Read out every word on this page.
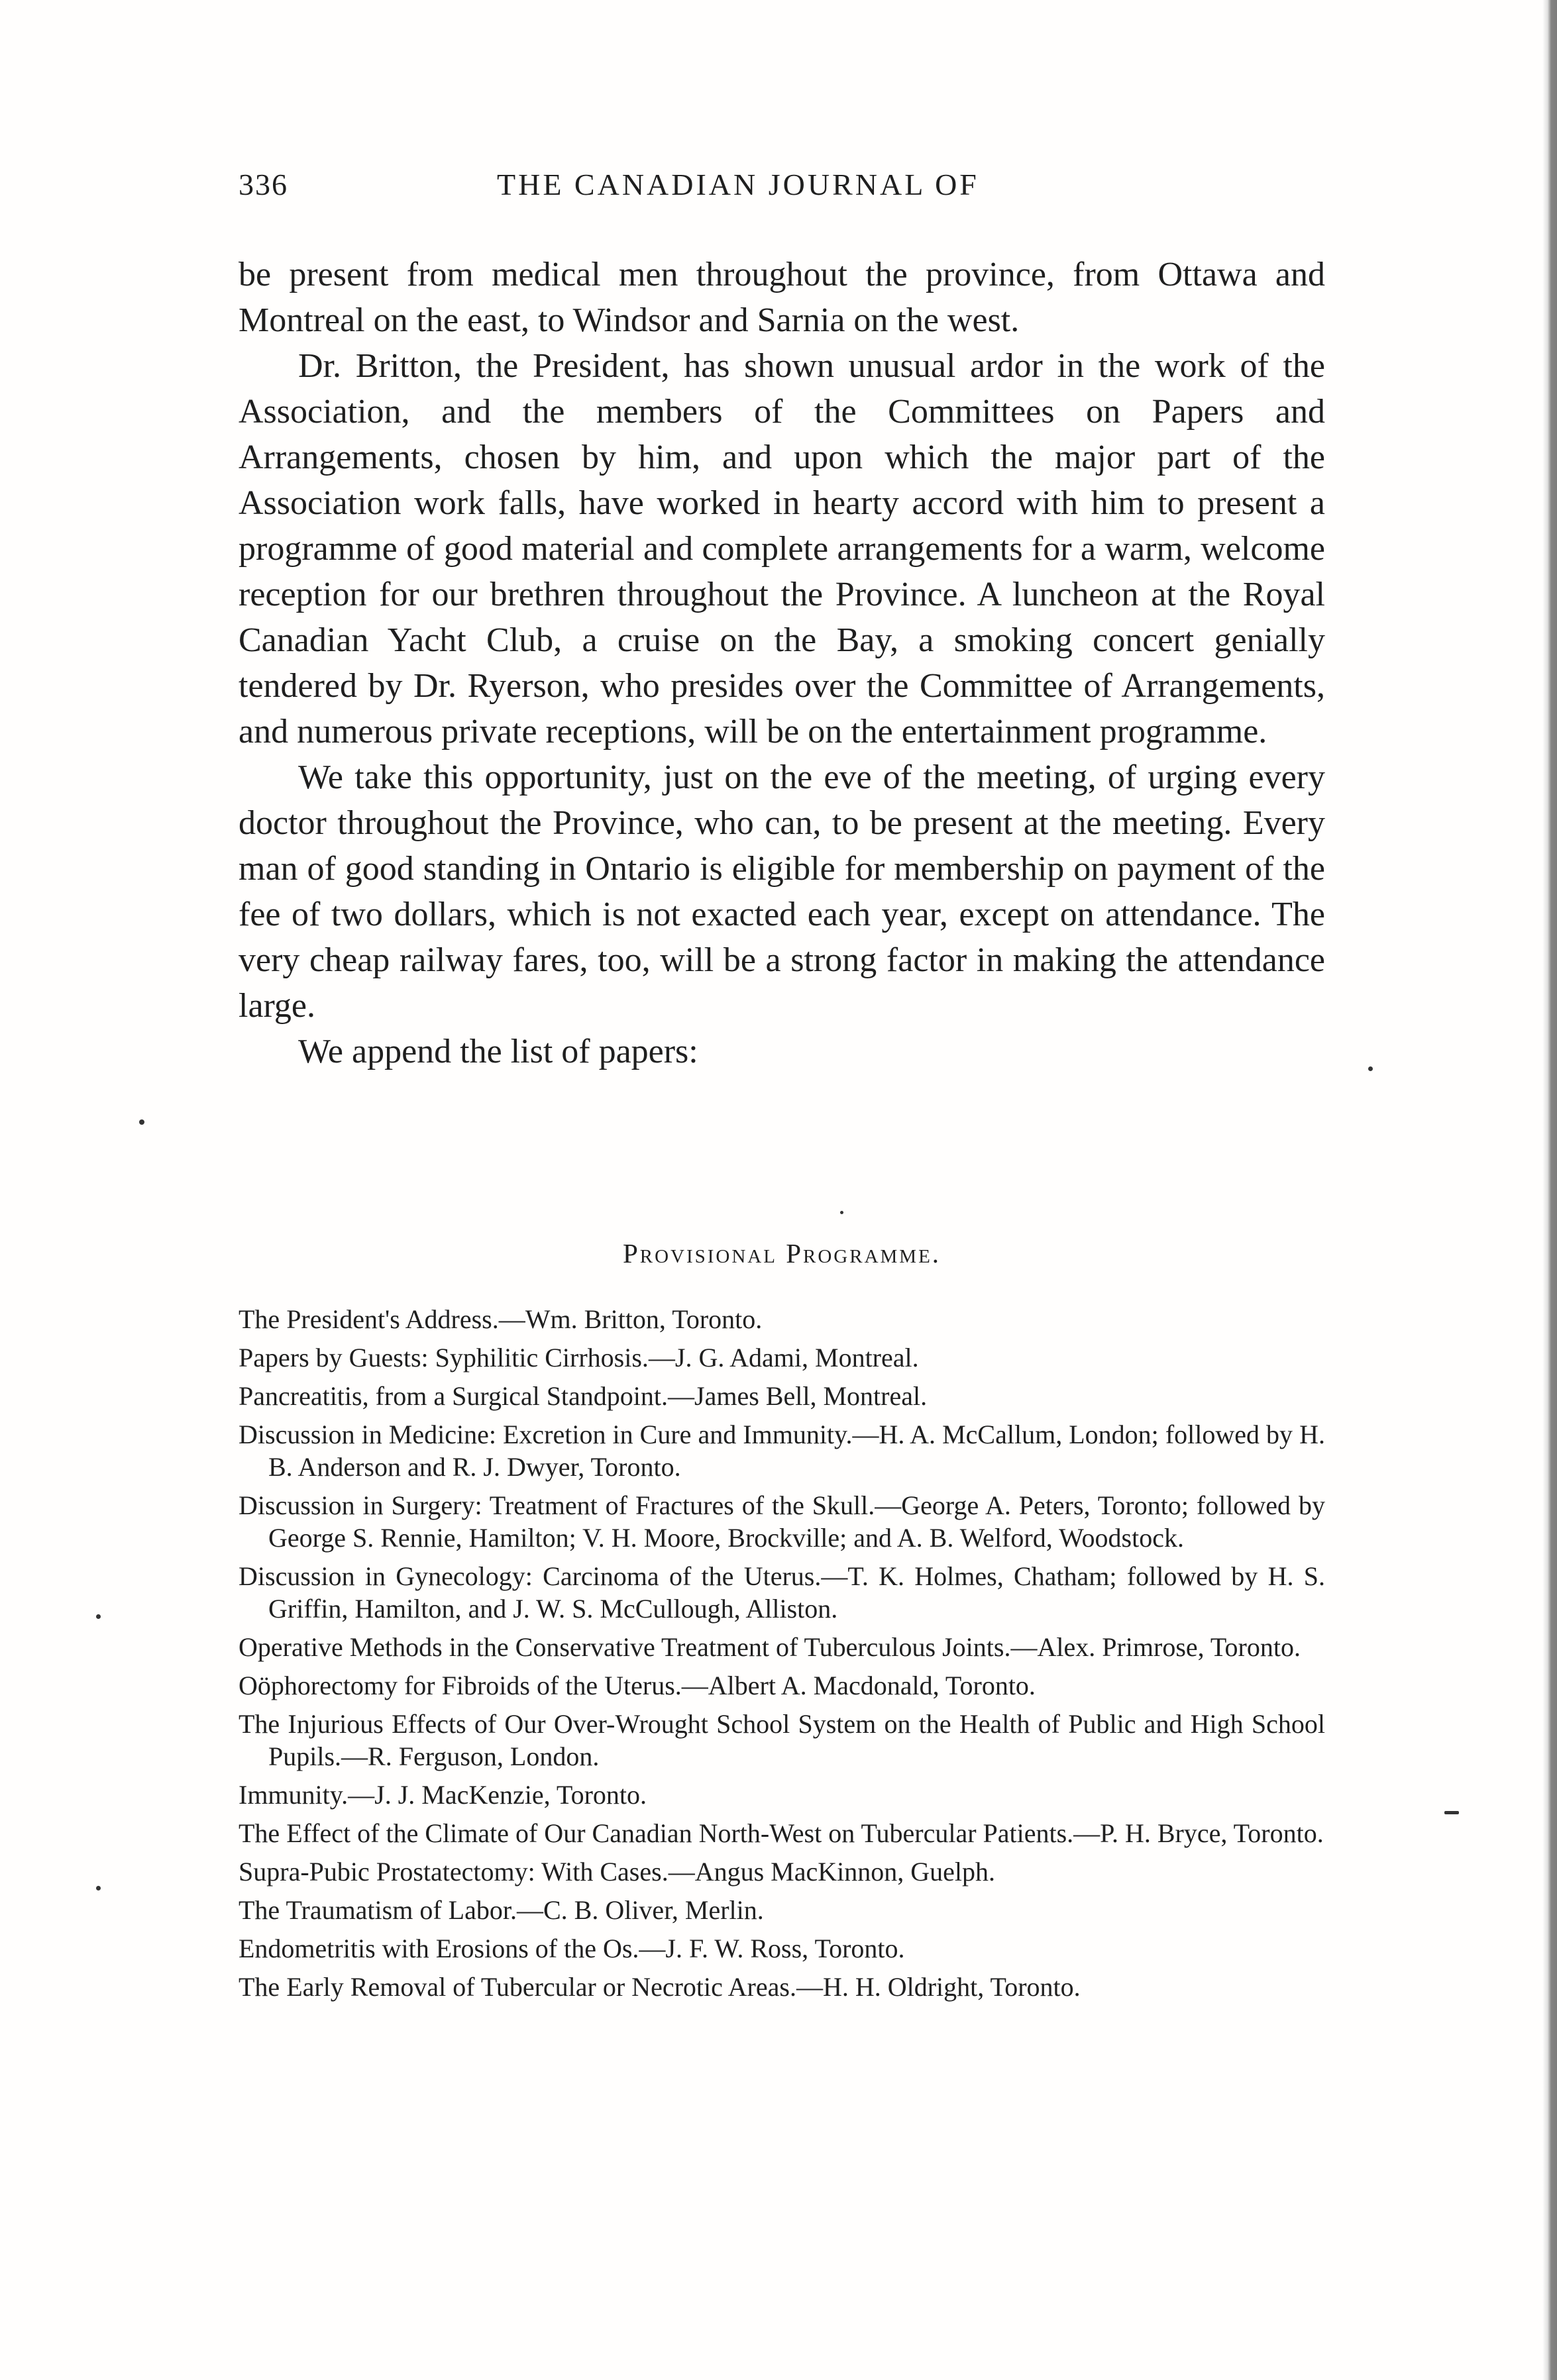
336	THE CANADIAN JOURNAL OF

be present from medical men throughout the province, from Ottawa and Montreal on the east, to Windsor and Sarnia on the west.

Dr. Britton, the President, has shown unusual ardor in the work of the Association, and the members of the Committees on Papers and Arrangements, chosen by him, and upon which the major part of the Association work falls, have worked in hearty accord with him to present a programme of good material and complete arrangements for a warm, welcome reception for our brethren throughout the Province. A luncheon at the Royal Canadian Yacht Club, a cruise on the Bay, a smoking concert genially tendered by Dr. Ryerson, who presides over the Committee of Arrangements, and numerous private receptions, will be on the entertainment programme.

We take this opportunity, just on the eve of the meeting, of urging every doctor throughout the Province, who can, to be present at the meeting. Every man of good standing in Ontario is eligible for membership on payment of the fee of two dollars, which is not exacted each year, except on attendance. The very cheap railway fares, too, will be a strong factor in making the attendance large.

We append the list of papers:

Provisional Programme.
The President's Address.—Wm. Britton, Toronto.
Papers by Guests: Syphilitic Cirrhosis.—J. G. Adami, Montreal.
Pancreatitis, from a Surgical Standpoint.—James Bell, Montreal.
Discussion in Medicine: Excretion in Cure and Immunity.—H. A. McCallum, London; followed by H. B. Anderson and R. J. Dwyer, Toronto.
Discussion in Surgery: Treatment of Fractures of the Skull.—George A. Peters, Toronto; followed by George S. Rennie, Hamilton; V. H. Moore, Brockville; and A. B. Welford, Woodstock.
Discussion in Gynecology: Carcinoma of the Uterus.—T. K. Holmes, Chatham; followed by H. S. Griffin, Hamilton, and J. W. S. McCullough, Alliston.
Operative Methods in the Conservative Treatment of Tuberculous Joints.—Alex. Primrose, Toronto.
Oöphorectomy for Fibroids of the Uterus.—Albert A. Macdonald, Toronto.
The Injurious Effects of Our Over-Wrought School System on the Health of Public and High School Pupils.—R. Ferguson, London.
Immunity.—J. J. MacKenzie, Toronto.
The Effect of the Climate of Our Canadian North-West on Tubercular Patients.—P. H. Bryce, Toronto.
Supra-Pubic Prostatectomy: With Cases.—Angus MacKinnon, Guelph.
The Traumatism of Labor.—C. B. Oliver, Merlin.
Endometritis with Erosions of the Os.—J. F. W. Ross, Toronto.
The Early Removal of Tubercular or Necrotic Areas.—H. H. Oldright, Toronto.
